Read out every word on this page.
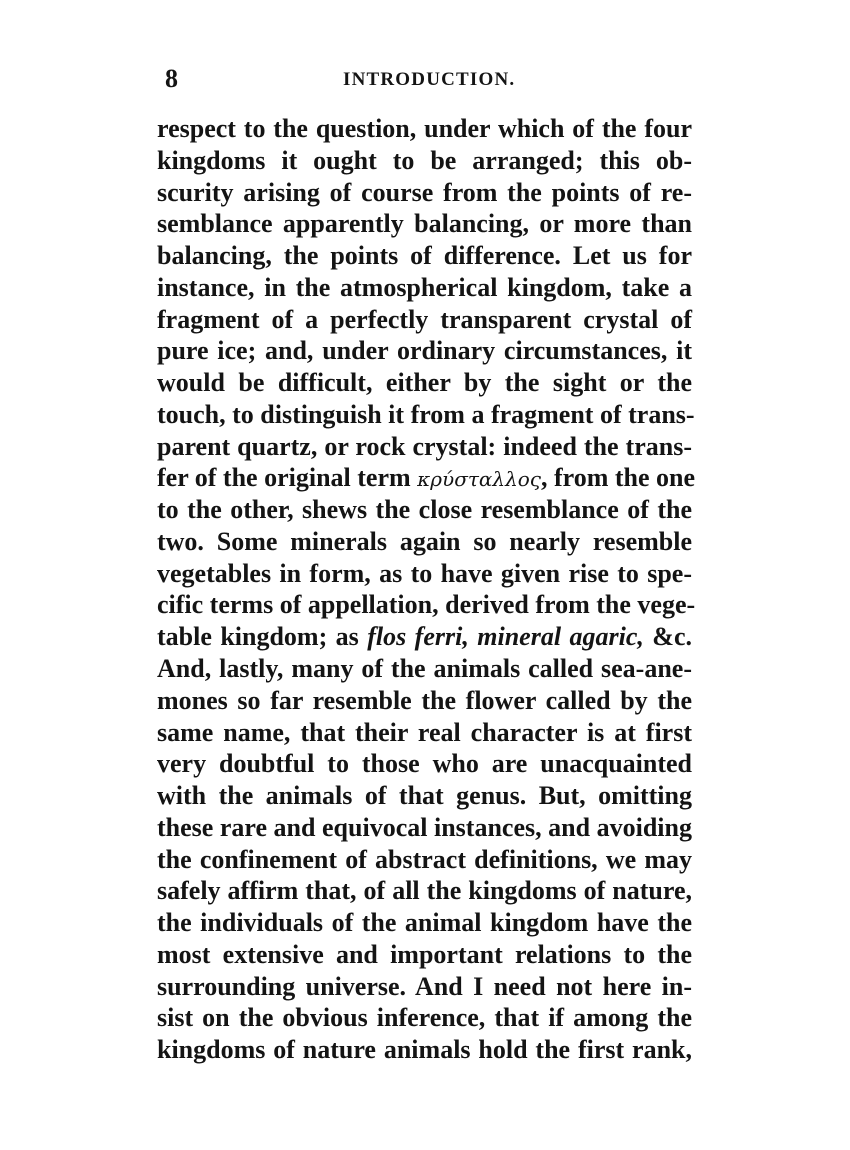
8	INTRODUCTION.
respect to the question, under which of the four
kingdoms it ought to be arranged; this ob-
scurity arising of course from the points of re-
semblance apparently balancing, or more than
balancing, the points of difference. Let us for
instance, in the atmospherical kingdom, take a
fragment of a perfectly transparent crystal of
pure ice; and, under ordinary circumstances, it
would be difficult, either by the sight or the
touch, to distinguish it from a fragment of trans-
parent quartz, or rock crystal: indeed the trans-
fer of the original term κρύσταλλος, from the one
to the other, shews the close resemblance of the
two. Some minerals again so nearly resemble
vegetables in form, as to have given rise to spe-
cific terms of appellation, derived from the vege-
table kingdom; as flos ferri, mineral agaric, &c.
And, lastly, many of the animals called sea-ane-
mones so far resemble the flower called by the
same name, that their real character is at first
very doubtful to those who are unacquainted
with the animals of that genus. But, omitting
these rare and equivocal instances, and avoiding
the confinement of abstract definitions, we may
safely affirm that, of all the kingdoms of nature,
the individuals of the animal kingdom have the
most extensive and important relations to the
surrounding universe. And I need not here in-
sist on the obvious inference, that if among the
kingdoms of nature animals hold the first rank,
